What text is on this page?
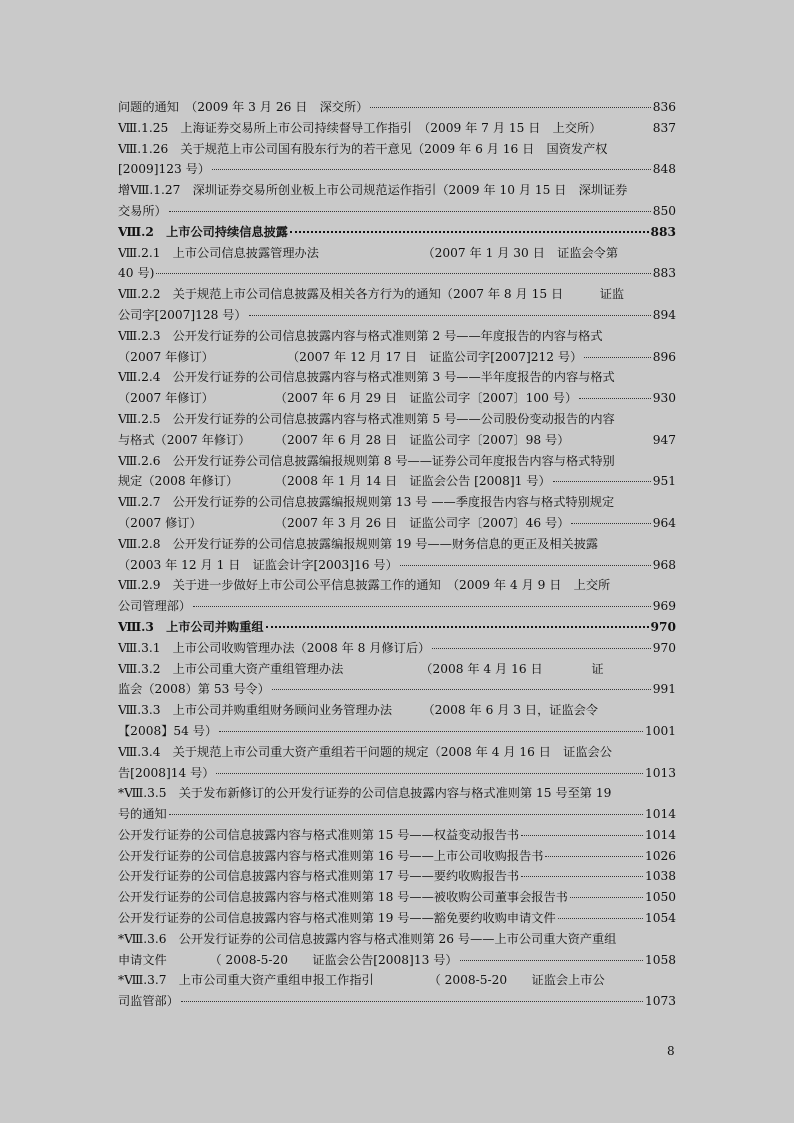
问题的通知　（2009 年 3 月 26 日　深交所）	836
Ⅷ.1.25　上海证券交易所上市公司持续督导工作指引　（2009 年 7 月 15 日　上交所）	837
Ⅷ.1.26　关于规范上市公司国有股东行为的若干意见（2009 年 6 月 16 日　国资发产权
[2009]123 号）	848
增Ⅷ.1.27　深圳证券交易所创业板上市公司规范运作指引（2009 年 10 月 15 日　深圳证券
交易所）	850
Ⅷ.2　上市公司持续信息披露	883
Ⅷ.2.1　上市公司信息披露管理办法　　　　　　　　　（2007 年 1 月 30 日　证监会令第
40 号)	883
Ⅷ.2.2　关于规范上市公司信息披露及相关各方行为的通知（2007 年 8 月 15 日　　　证监
公司字[2007]128 号）	894
Ⅷ.2.3　公开发行证券的公司信息披露内容与格式准则第 2 号——年度报告的内容与格式
（2007 年修订）　　　　　　　（2007 年 12 月 17 日　证监公司字[2007]212 号）	896
Ⅷ.2.4　公开发行证券的公司信息披露内容与格式准则第 3 号——半年度报告的内容与格式
（2007 年修订）　　　　　　（2007 年 6 月 29 日　证监公司字〔2007〕100 号）	930
Ⅷ.2.5　公开发行证券的公司信息披露内容与格式准则第 5 号——公司股份变动报告的内容
与格式（2007 年修订）　　　（2007 年 6 月 28 日　证监公司字〔2007〕98 号）	947
Ⅷ.2.6　公开发行证券公司信息披露编报规则第 8 号——证券公司年度报告内容与格式特别
规定（2008 年修订）　　　　（2008 年 1 月 14 日　证监会公告 [2008]1 号）	951
Ⅷ.2.7　公开发行证券的公司信息披露编报规则第 13 号 ——季度报告内容与格式特别规定
（2007 修订）　　　　　　　（2007 年 3 月 26 日　证监公司字〔2007〕46 号）	964
Ⅷ.2.8　公开发行证券的公司信息披露编报规则第 19 号——财务信息的更正及相关披露
（2003 年 12 月 1 日　证监会计字[2003]16 号）	968
Ⅷ.2.9　关于进一步做好上市公司公平信息披露工作的通知　（2009 年 4 月 9 日　上交所
公司管理部）	969
Ⅷ.3　上市公司并购重组	970
Ⅷ.3.1　上市公司收购管理办法（2008 年 8 月修订后）	970
Ⅷ.3.2　上市公司重大资产重组管理办法　　　　　　 （2008 年 4 月 16 日　　　　证
监会（2008）第 53 号令）	991
Ⅷ.3.3　上市公司并购重组财务顾问业务管理办法　　　（2008 年 6 月 3 日，证监会令
【2008】54 号）	1001
Ⅷ.3.4　关于规范上市公司重大资产重组若干问题的规定（2008 年 4 月 16 日　证监会公
告[2008]14 号）	1013
*Ⅷ.3.5　关于发布新修订的公开发行证券的公司信息披露内容与格式准则第 15 号至第 19
号的通知	1014
公开发行证券的公司信息披露内容与格式准则第 15 号——权益变动报告书	1014
公开发行证券的公司信息披露内容与格式准则第 16 号——上市公司收购报告书	1026
公开发行证券的公司信息披露内容与格式准则第 17 号——要约收购报告书	1038
公开发行证券的公司信息披露内容与格式准则第 18 号——被收购公司董事会报告书	1050
公开发行证券的公司信息披露内容与格式准则第 19 号——豁免要约收购申请文件	1054
*Ⅷ.3.6　公开发行证券的公司信息披露内容与格式准则第 26 号——上市公司重大资产重组
申请文件　　　　（ 2008-5-20　　证监会公告[2008]13 号）	1058
*Ⅷ.3.7　上市公司重大资产重组申报工作指引　　　　　（ 2008-5-20　　证监会上市公
司监管部）	1073
8
